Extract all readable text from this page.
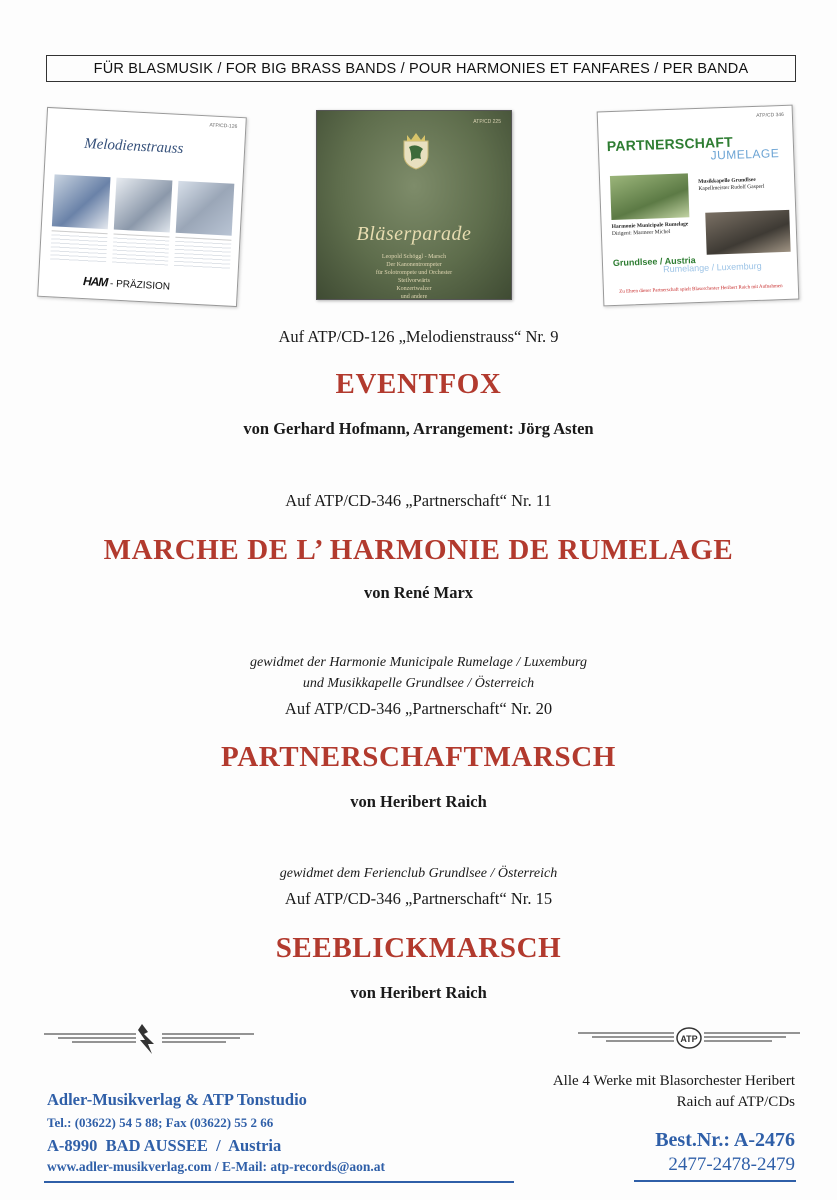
FÜR BLASMUSIK / FOR BIG BRASS BANDS / POUR HARMONIES ET FANFARES / PER BANDA
ATP/CD-126
Melodienstrauss
HAM - PRÄZISION
ATP/CD 225
Bläserparade
Leopold Schöggl - Marsch
Der Kanonentrompeter
für Solotrompete und Orchester
Steilvorwärts
Konzertwalzer
und andere
ATP/CD 346
PARTNERSCHAFT
JUMELAGE
Musikkapelle Grundlsee
Kapellmeister Rudolf Gasperl
Harmonie Municipale Rumelage
Dirigent: Marmeer Michel
Grundlsee / Austria
Rumelange / Luxemburg
Zu Ehren dieser Partnerschaft spielt Blasorchester Heribert Raich mit Aufnahmen
Auf ATP/CD-126 „Melodienstrauss“ Nr. 9
EVENTFOX
von Gerhard Hofmann, Arrangement: Jörg Asten
Auf ATP/CD-346 „Partnerschaft“ Nr. 11
MARCHE DE L’ HARMONIE DE RUMELAGE
von René Marx
gewidmet der Harmonie Municipale Rumelage / Luxemburg
und Musikkapelle Grundlsee / Österreich
Auf ATP/CD-346 „Partnerschaft“ Nr. 20
PARTNERSCHAFTMARSCH
von Heribert Raich
gewidmet dem Ferienclub Grundlsee / Österreich
Auf ATP/CD-346 „Partnerschaft“ Nr. 15
SEEBLICKMARSCH
von Heribert Raich
ATP
Adler-Musikverlag & ATP Tonstudio
Tel.: (03622) 54 5 88; Fax (03622) 55 2 66
A-8990  BAD AUSSEE  /  Austria
www.adler-musikverlag.com / E-Mail: atp-records@aon.at
Alle 4 Werke mit Blasorchester Heribert
Raich auf ATP/CDs
Best.Nr.: A-2476
2477-2478-2479
